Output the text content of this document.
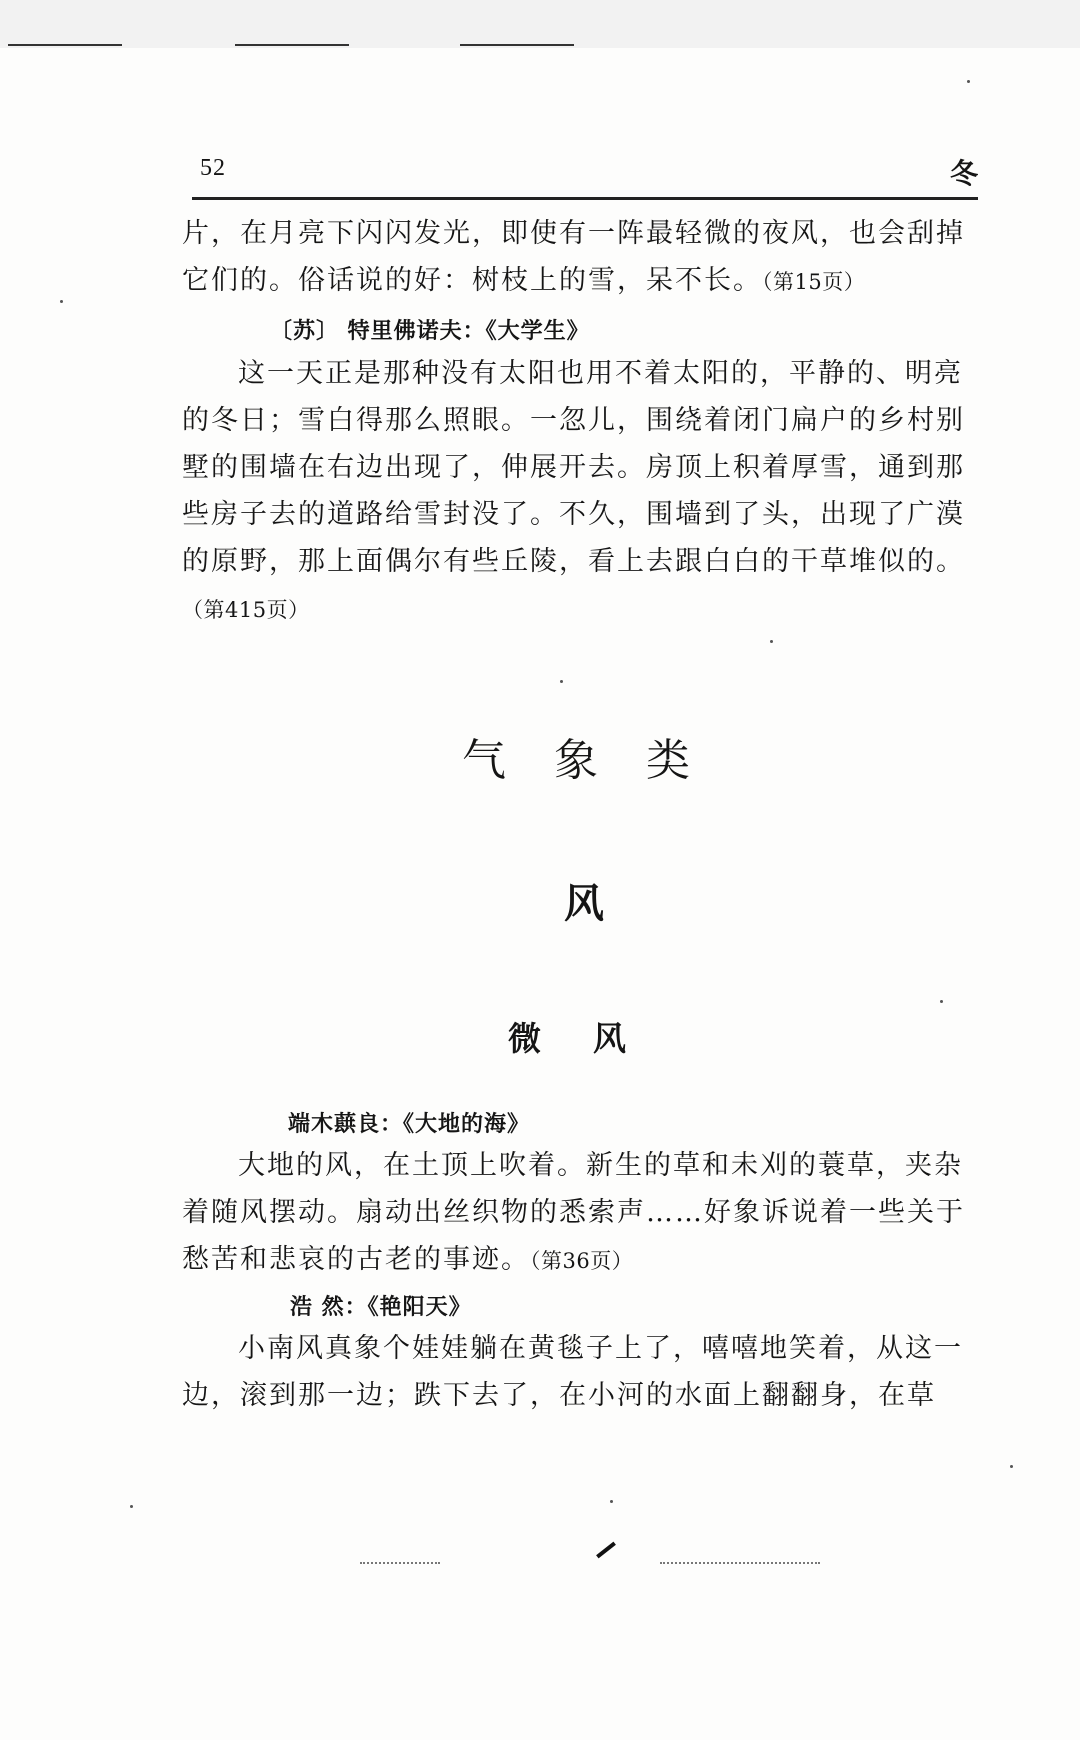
52	冬

片，在月亮下闪闪发光，即使有一阵最轻微的夜风，也会刮掉它们的。俗话说的好：树枝上的雪，呆不长。（第15页）

〔苏〕 特里佛诺夫：《大学生》

这一天正是那种没有太阳也用不着太阳的，平静的、明亮的冬日；雪白得那么照眼。一忽儿，围绕着闭门扁户的乡村别墅的围墙在右边出现了，伸展开去。房顶上积着厚雪，通到那些房子去的道路给雪封没了。不久，围墙到了头，出现了广漠的原野，那上面偶尔有些丘陵，看上去跟白白的干草堆似的。（第415页）

气象类
风
微风
端木蕻良：《大地的海》

大地的风，在土顶上吹着。新生的草和未刈的蓑草，夹杂着随风摆动。扇动出丝织物的悉索声……好象诉说着一些关于愁苦和悲哀的古老的事迹。（第36页）

浩 然：《艳阳天》

小南风真象个娃娃躺在黄毯子上了，嘻嘻地笑着，从这一边，滚到那一边；跌下去了，在小河的水面上翻翻身，在草
